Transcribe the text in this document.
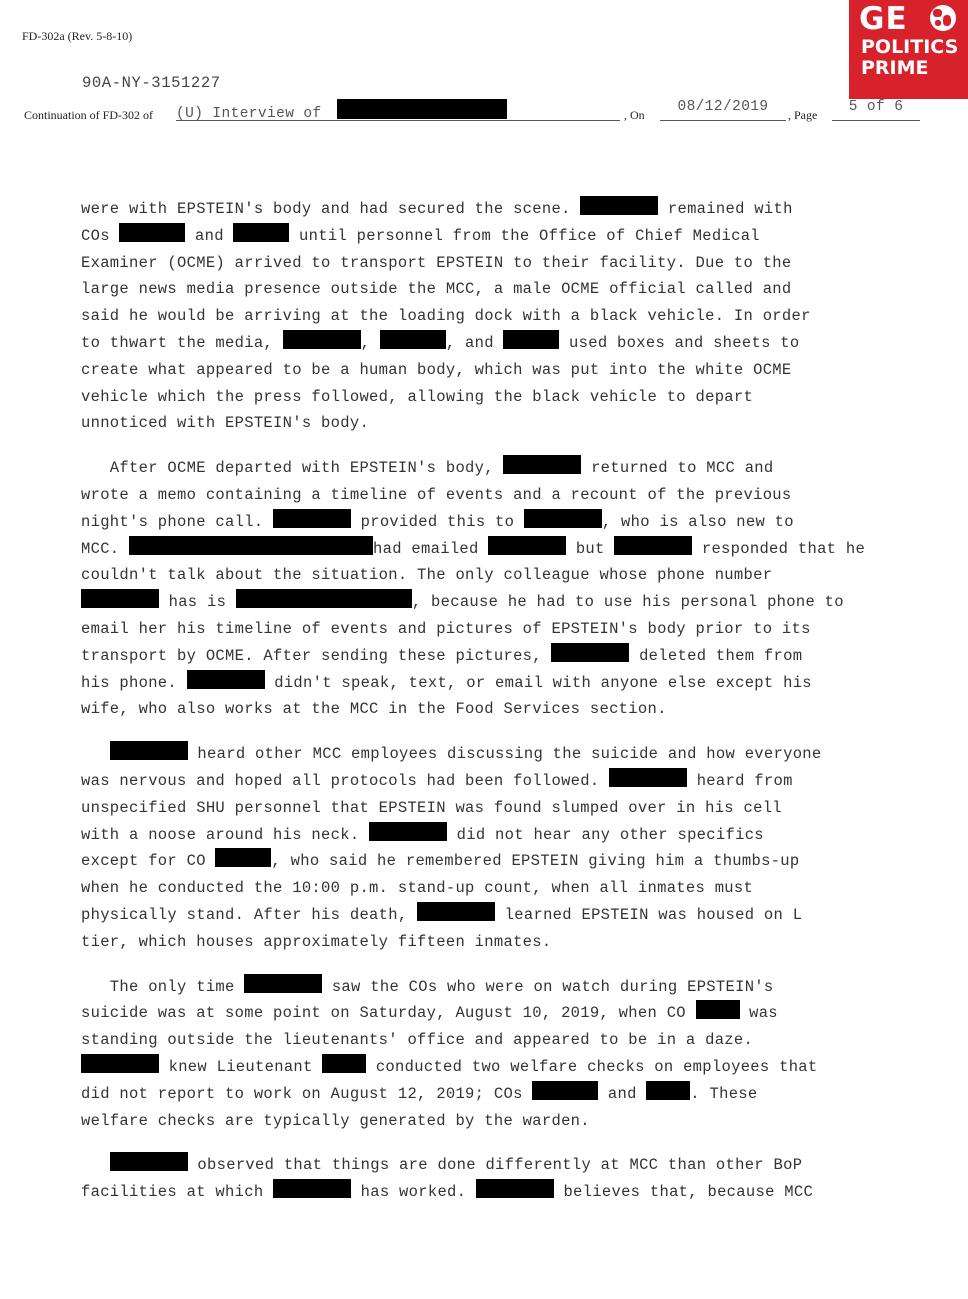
FD-302a (Rev. 5-8-10)
90A-NY-3151227
Continuation of FD-302 of (U) Interview of	, On	08/12/2019	, Page	5 of 6
GE
POLITICS
PRIME
were with EPSTEIN's body and had secured the scene.	remained with
COs	and	until personnel from the Office of Chief Medical
Examiner (OCME) arrived to transport EPSTEIN to their facility. Due to the
large news media presence outside the MCC, a male OCME official called and
said he would be arriving at the loading dock with a black vehicle. In order
to thwart the media,	,	, and	used boxes and sheets to
create what appeared to be a human body, which was put into the white OCME
vehicle which the press followed, allowing the black vehicle to depart
unnoticed with EPSTEIN's body.
After OCME departed with EPSTEIN's body,	returned to MCC and
wrote a memo containing a timeline of events and a recount of the previous
night's phone call.	provided this to	, who is also new to
MCC.	had emailed	but	responded that he
couldn't talk about the situation. The only colleague whose phone number
has is	, because he had to use his personal phone to
email her his timeline of events and pictures of EPSTEIN's body prior to its
transport by OCME. After sending these pictures,	deleted them from
his phone.	didn't speak, text, or email with anyone else except his
wife, who also works at the MCC in the Food Services section.
heard other MCC employees discussing the suicide and how everyone
was nervous and hoped all protocols had been followed.	heard from
unspecified SHU personnel that EPSTEIN was found slumped over in his cell
with a noose around his neck.	did not hear any other specifics
except for CO	, who said he remembered EPSTEIN giving him a thumbs-up
when he conducted the 10:00 p.m. stand-up count, when all inmates must
physically stand. After his death,	learned EPSTEIN was housed on L
tier, which houses approximately fifteen inmates.
The only time	saw the COs who were on watch during EPSTEIN's
suicide was at some point on Saturday, August 10, 2019, when CO	was
standing outside the lieutenants' office and appeared to be in a daze.
knew Lieutenant	conducted two welfare checks on employees that
did not report to work on August 12, 2019; COs	and	. These
welfare checks are typically generated by the warden.
observed that things are done differently at MCC than other BoP
facilities at which	has worked.	believes that, because MCC
